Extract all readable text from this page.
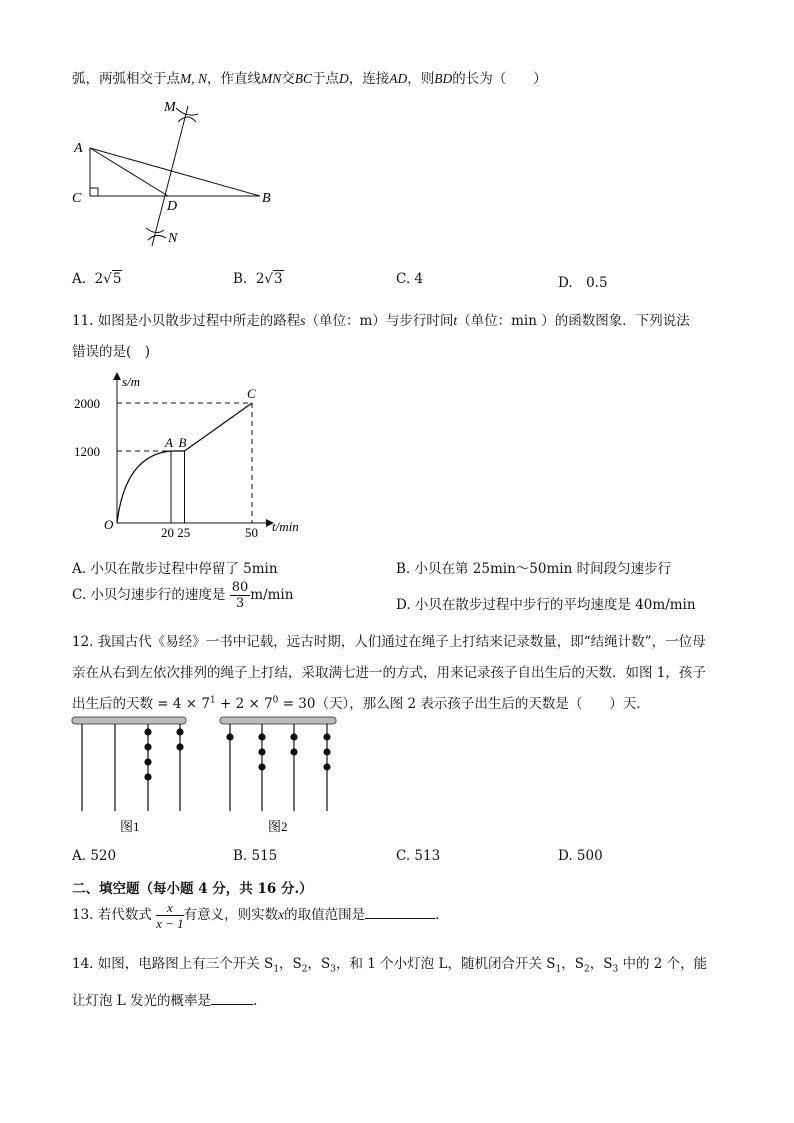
弧，两弧相交于点M, N，作直线MN交BC于点D，连接AD，则BD的长为（　　）
M
N
A
C
D
B
A. 2√5	B. 2√3	C. 4	D.　0.5
11. 如图是小贝散步过程中所走的路程s（单位：m）与步行时间t（单位：min ）的函数图象．下列说法
错误的是(　)
s/m
t/min
O
2000
1200
20 25	50
A B
C
A. 小贝在散步过程中停留了 5min	B. 小贝在第 25min～50min 时间段匀速步行
C. 小贝匀速步行的速度是 $\frac{80}{3} m/\min$
D. 小贝在散步过程中步行的平均速度是 40m/min
12. 我国古代《易经》一书中记载，远古时期，人们通过在绳子上打结来记录数量，即“结绳计数”，一位母
亲在从右到左依次排列的绳子上打结，采取满七进一的方式，用来记录孩子自出生后的天数．如图 1，孩子
出生后的天数 = $4 \times 7^1 + 2 \times 7^0 = 30$（天），那么图 2 表示孩子出生后的天数是（　　）天．
图1	图2
A. 520	B. 515	C. 513	D. 500
二、填空题（每小题 4 分，共 16 分.）
13. 若代数式 $\frac{x}{x - 1}$ 有意义，则实数x的取值范围是	.
14. 如图，电路图上有三个开关 $S_1$，$S_2$，$S_3$，和 1 个小灯泡 L，随机闭合开关 $S_1$，$S_2$，$S_3$ 中的 2 个，能
让灯泡 L 发光的概率是	.
